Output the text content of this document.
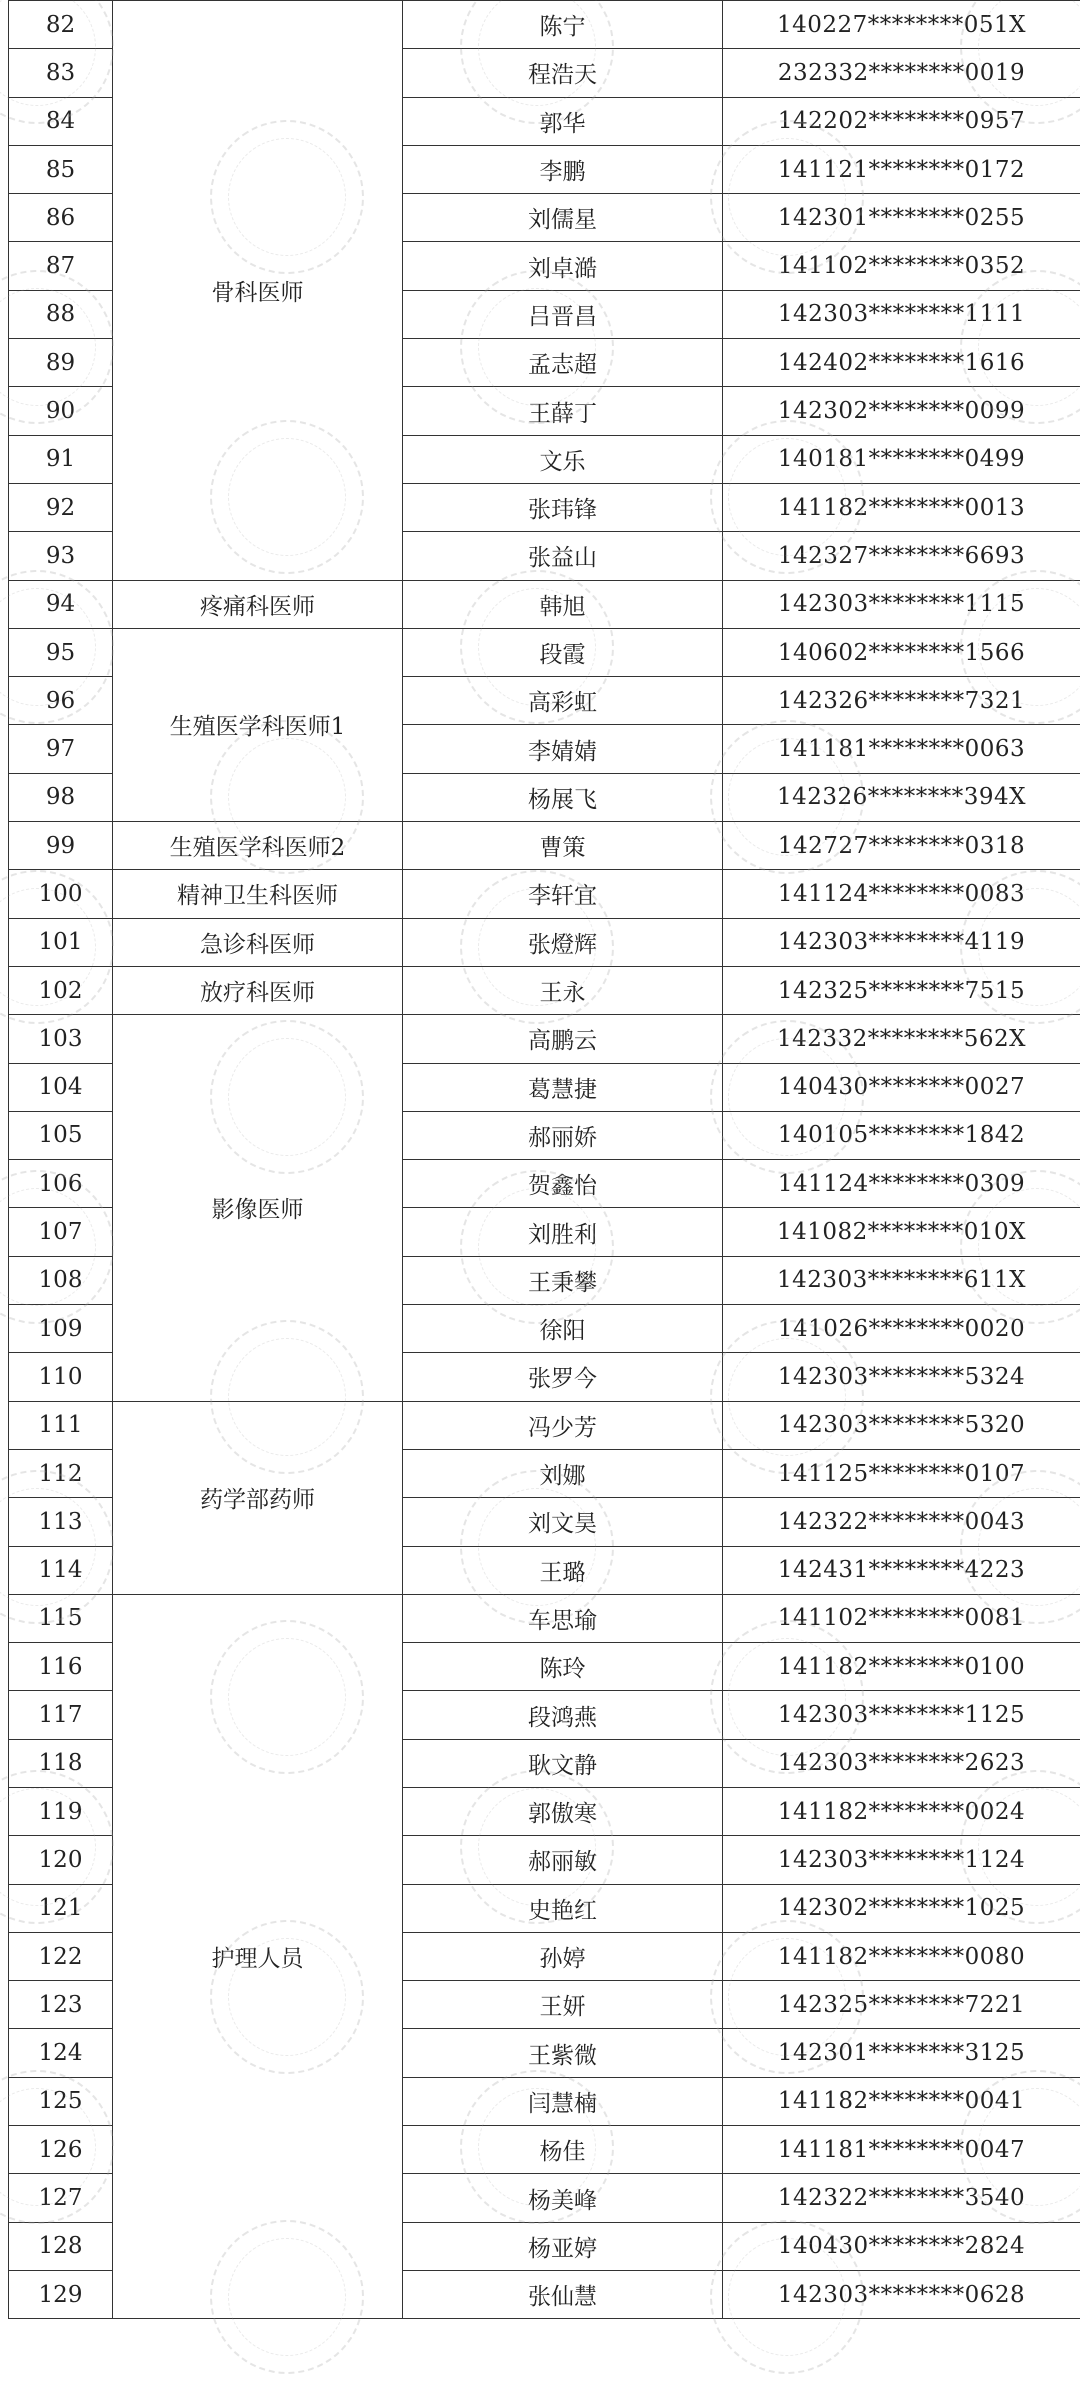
82	骨科医师	陈宁	140227********051X
83		程浩天	232332********0019
84		郭华	142202********0957
85		李鹏	141121********0172
86		刘儒星	142301********0255
87		刘卓澔	141102********0352
88		吕晋昌	142303********1111
89		孟志超	142402********1616
90		王薛丁	142302********0099
91		文乐	140181********0499
92		张玮锋	141182********0013
93		张益山	142327********6693
94	疼痛科医师	韩旭	142303********1115
95	生殖医学科医师1	段霞	140602********1566
96		高彩虹	142326********7321
97		李婧婧	141181********0063
98		杨展飞	142326********394X
99	生殖医学科医师2	曹策	142727********0318
100	精神卫生科医师	李轩宜	141124********0083
101	急诊科医师	张燈辉	142303********4119
102	放疗科医师	王永	142325********7515
103	影像医师	高鹏云	142332********562X
104		葛慧捷	140430********0027
105		郝丽娇	140105********1842
106		贺鑫怡	141124********0309
107		刘胜利	141082********010X
108		王秉攀	142303********611X
109		徐阳	141026********0020
110		张罗今	142303********5324
111	药学部药师	冯少芳	142303********5320
112		刘娜	141125********0107
113		刘文昊	142322********0043
114		王璐	142431********4223
115	护理人员	车思瑜	141102********0081
116		陈玲	141182********0100
117		段鸿燕	142303********1125
118		耿文静	142303********2623
119		郭傲寒	141182********0024
120		郝丽敏	142303********1124
121		史艳红	142302********1025
122		孙婷	141182********0080
123		王妍	142325********7221
124		王紫微	142301********3125
125		闫慧楠	141182********0041
126		杨佳	141181********0047
127		杨美峰	142322********3540
128		杨亚婷	140430********2824
129		张仙慧	142303********0628
